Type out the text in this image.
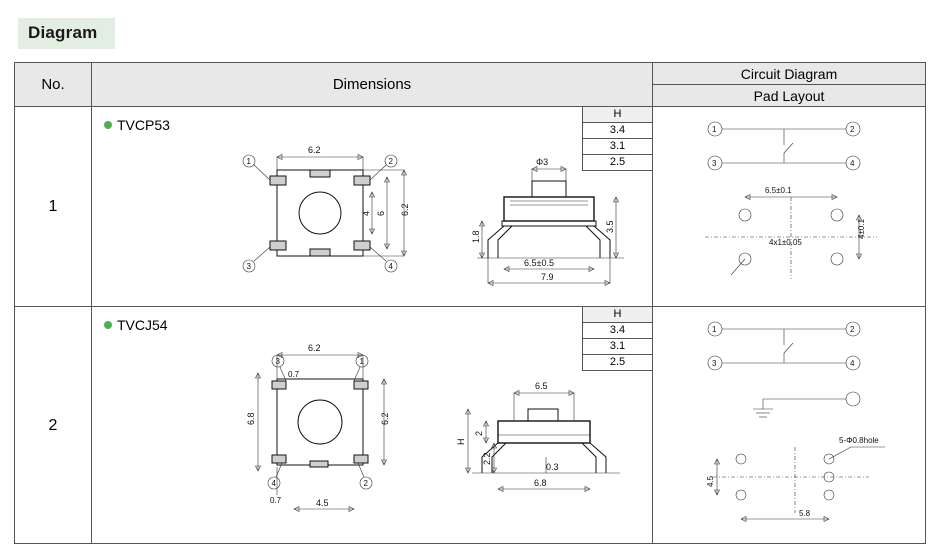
Diagram
No.	Dimensions
Circuit Diagram
Pad Layout
1
TVCP53
H
3.4
3.1
2.5
1	2
3	4
6.2
6.2
6
4
Φ3
1.8
3.5
6.5±0.5
7.9
1	2
3	4
6.5±0.1
4x1±0.05
4±0.1
2
TVCJ54
H
3.4
3.1
2.5
3	1
4	2
6.2
0.7
6.2
6.8
0.7	4.5
6.5
H
2
2.2
0.3
6.8
1	2
3	4
5-Φ0.8hole
4.5
5.8
